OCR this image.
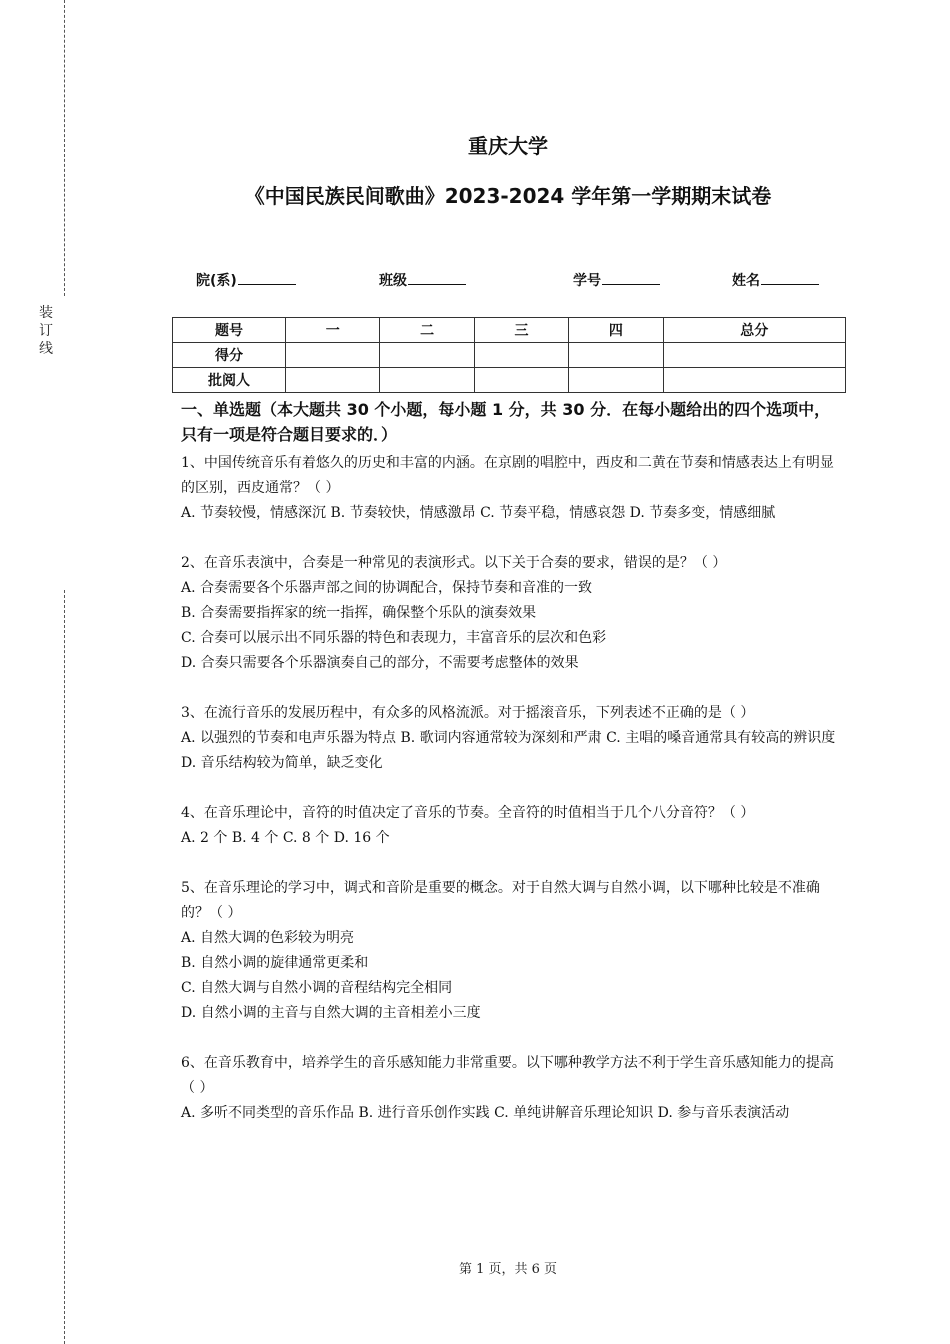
装
订
线
重庆大学
《中国民族民间歌曲》2023-2024 学年第一学期期末试卷
院(系)	班级	学号	姓名
题号	一	二	三	四	总分
得分					
批阅人					
一、单选题（本大题共 30 个小题，每小题 1 分，共 30 分．在每小题给出的四个选项中，只有一项是符合题目要求的．）

1、中国传统音乐有着悠久的历史和丰富的内涵。在京剧的唱腔中，西皮和二黄在节奏和情感表达上有明显的区别，西皮通常？（ ）

A. 节奏较慢，情感深沉 B. 节奏较快，情感激昂 C. 节奏平稳，情感哀怨 D. 节奏多变，情感细腻

2、在音乐表演中，合奏是一种常见的表演形式。以下关于合奏的要求，错误的是？（ ）

A. 合奏需要各个乐器声部之间的协调配合，保持节奏和音准的一致
B. 合奏需要指挥家的统一指挥，确保整个乐队的演奏效果
C. 合奏可以展示出不同乐器的特色和表现力，丰富音乐的层次和色彩
D. 合奏只需要各个乐器演奏自己的部分，不需要考虑整体的效果

3、在流行音乐的发展历程中，有众多的风格流派。对于摇滚音乐，下列表述不正确的是（ ）

A. 以强烈的节奏和电声乐器为特点 B. 歌词内容通常较为深刻和严肃 C. 主唱的嗓音通常具有较高的辨识度 D. 音乐结构较为简单，缺乏变化

4、在音乐理论中，音符的时值决定了音乐的节奏。全音符的时值相当于几个八分音符？（ ）

A. 2 个 B. 4 个 C. 8 个 D. 16 个

5、在音乐理论的学习中，调式和音阶是重要的概念。对于自然大调与自然小调，以下哪种比较是不准确的？（ ）

A. 自然大调的色彩较为明亮
B. 自然小调的旋律通常更柔和
C. 自然大调与自然小调的音程结构完全相同
D. 自然小调的主音与自然大调的主音相差小三度

6、在音乐教育中，培养学生的音乐感知能力非常重要。以下哪种教学方法不利于学生音乐感知能力的提高（ ）

A. 多听不同类型的音乐作品 B. 进行音乐创作实践 C. 单纯讲解音乐理论知识 D. 参与音乐表演活动
第 1 页，共 6 页
